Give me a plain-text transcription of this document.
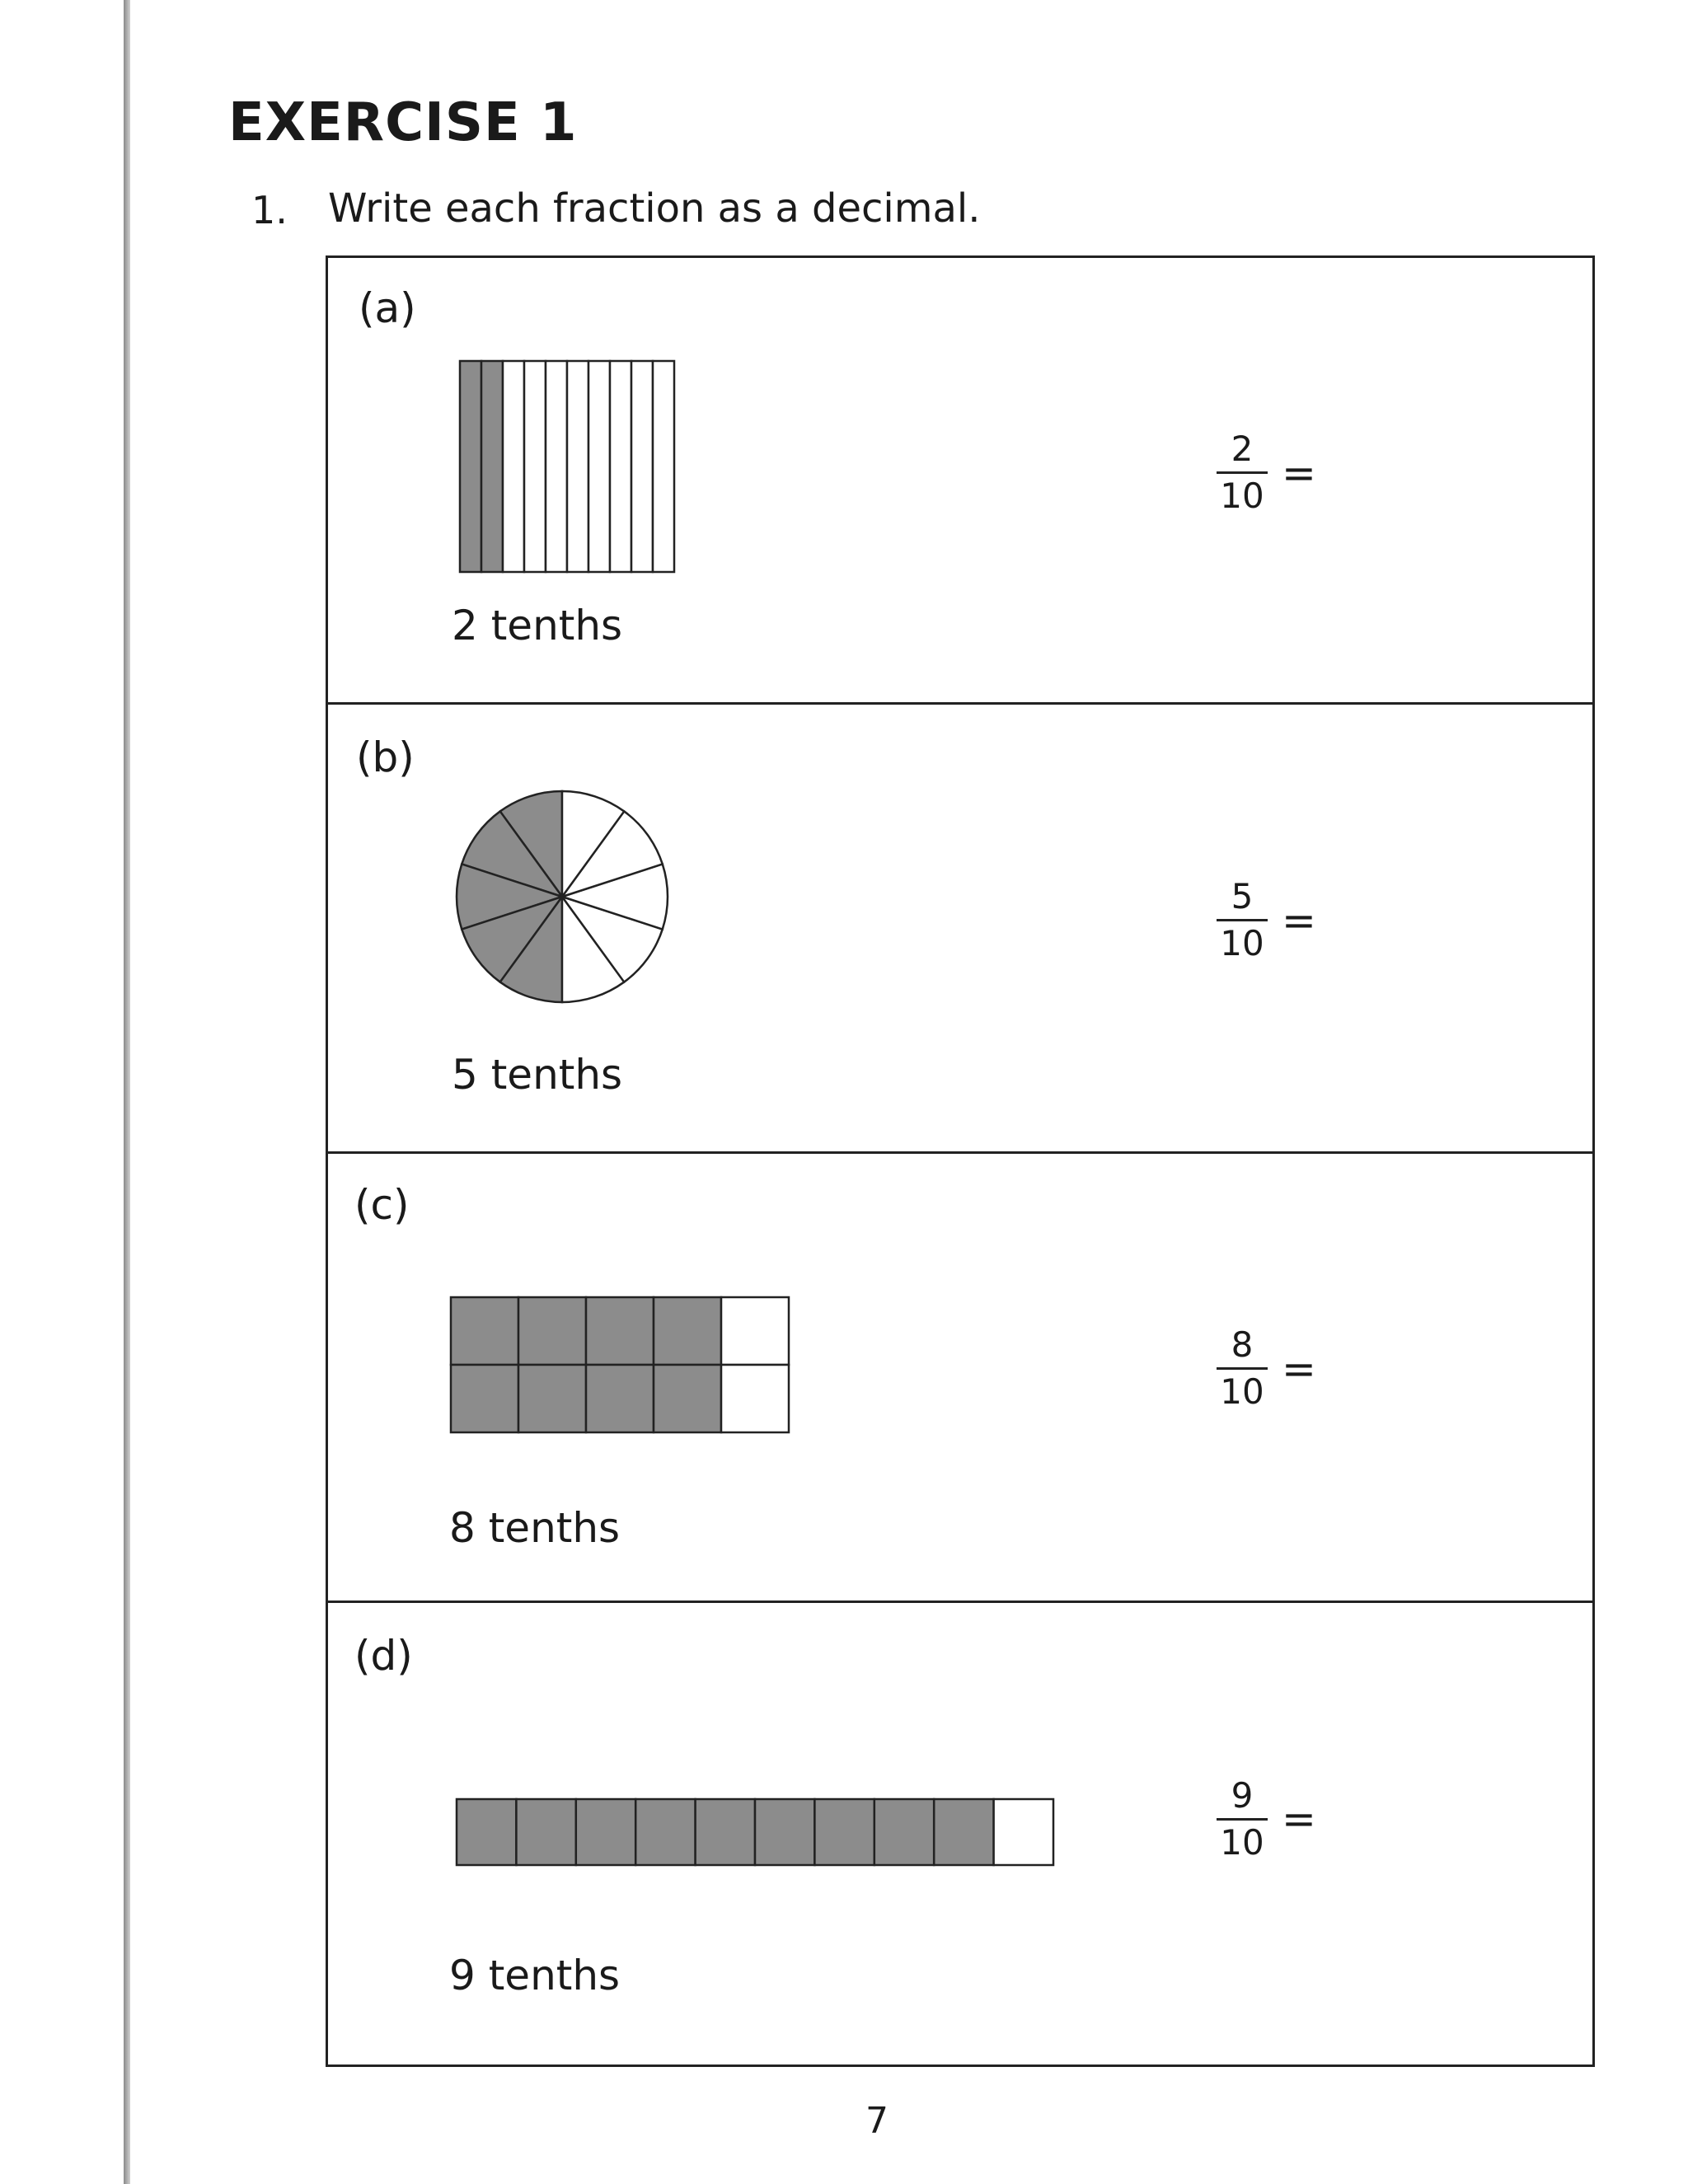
EXERCISE 1
1. Write each fraction as a decimal.
(a)
2 tenths
2
10 =
(b)
5 tenths
5
10 =
(c)
8 tenths
8
10 =
(d)
9 tenths
9
10 =
7
